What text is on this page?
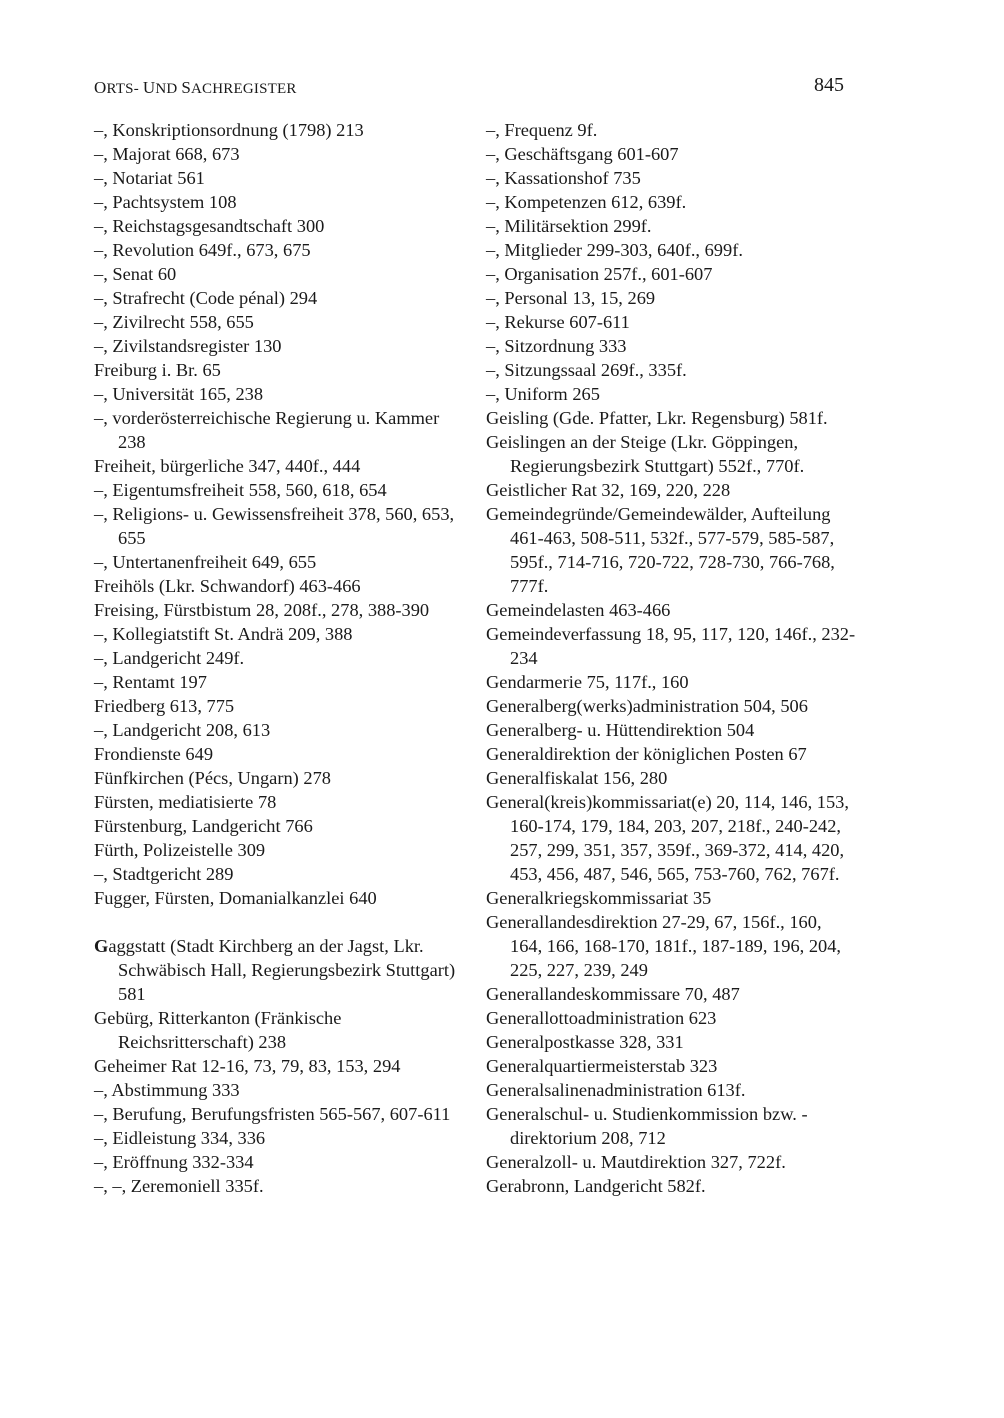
ORTS- UND SACHREGISTER	845
–, Konskriptionsordnung (1798) 213
–, Majorat 668, 673
–, Notariat 561
–, Pachtsystem 108
–, Reichstagsgesandtschaft 300
–, Revolution 649f., 673, 675
–, Senat 60
–, Strafrecht (Code pénal) 294
–, Zivilrecht 558, 655
–, Zivilstandsregister 130
Freiburg i. Br. 65
–, Universität 165, 238
–, vorderösterreichische Regierung u. Kammer 238
Freiheit, bürgerliche 347, 440f., 444
–, Eigentumsfreiheit 558, 560, 618, 654
–, Religions- u. Gewissensfreiheit 378, 560, 653, 655
–, Untertanenfreiheit 649, 655
Freihöls (Lkr. Schwandorf) 463-466
Freising, Fürstbistum 28, 208f., 278, 388-390
–, Kollegiatstift St. Andrä 209, 388
–, Landgericht 249f.
–, Rentamt 197
Friedberg 613, 775
–, Landgericht 208, 613
Frondienste 649
Fünfkirchen (Pécs, Ungarn) 278
Fürsten, mediatisierte 78
Fürstenburg, Landgericht 766
Fürth, Polizeistelle 309
–, Stadtgericht 289
Fugger, Fürsten, Domanialkanzlei 640
Gaggstatt (Stadt Kirchberg an der Jagst, Lkr. Schwäbisch Hall, Regierungsbezirk Stuttgart) 581
Gebürg, Ritterkanton (Fränkische Reichsritterschaft) 238
Geheimer Rat 12-16, 73, 79, 83, 153, 294
–, Abstimmung 333
–, Berufung, Berufungsfristen 565-567, 607-611
–, Eidleistung 334, 336
–, Eröffnung 332-334
–, –, Zeremoniell 335f.
–, Frequenz 9f.
–, Geschäftsgang 601-607
–, Kassationshof 735
–, Kompetenzen 612, 639f.
–, Militärsektion 299f.
–, Mitglieder 299-303, 640f., 699f.
–, Organisation 257f., 601-607
–, Personal 13, 15, 269
–, Rekurse 607-611
–, Sitzordnung 333
–, Sitzungssaal 269f., 335f.
–, Uniform 265
Geisling (Gde. Pfatter, Lkr. Regensburg) 581f.
Geislingen an der Steige (Lkr. Göppingen, Regierungsbezirk Stuttgart) 552f., 770f.
Geistlicher Rat 32, 169, 220, 228
Gemeindegründe/Gemeindewälder, Aufteilung 461-463, 508-511, 532f., 577-579, 585-587, 595f., 714-716, 720-722, 728-730, 766-768, 777f.
Gemeindelasten 463-466
Gemeindeverfassung 18, 95, 117, 120, 146f., 232-234
Gendarmerie 75, 117f., 160
Generalberg(werks)administration 504, 506
Generalberg- u. Hüttendirektion 504
Generaldirektion der königlichen Posten 67
Generalfiskalat 156, 280
General(kreis)kommissariat(e) 20, 114, 146, 153, 160-174, 179, 184, 203, 207, 218f., 240-242, 257, 299, 351, 357, 359f., 369-372, 414, 420, 453, 456, 487, 546, 565, 753-760, 762, 767f.
Generalkriegskommissariat 35
Generallandesdirektion 27-29, 67, 156f., 160, 164, 166, 168-170, 181f., 187-189, 196, 204, 225, 227, 239, 249
Generallandeskommissare 70, 487
Generallottoadministration 623
Generalpostkasse 328, 331
Generalquartiermeisterstab 323
Generalsalinenadministration 613f.
Generalschul- u. Studienkommission bzw. -direktorium 208, 712
Generalzoll- u. Mautdirektion 327, 722f.
Gerabronn, Landgericht 582f.
